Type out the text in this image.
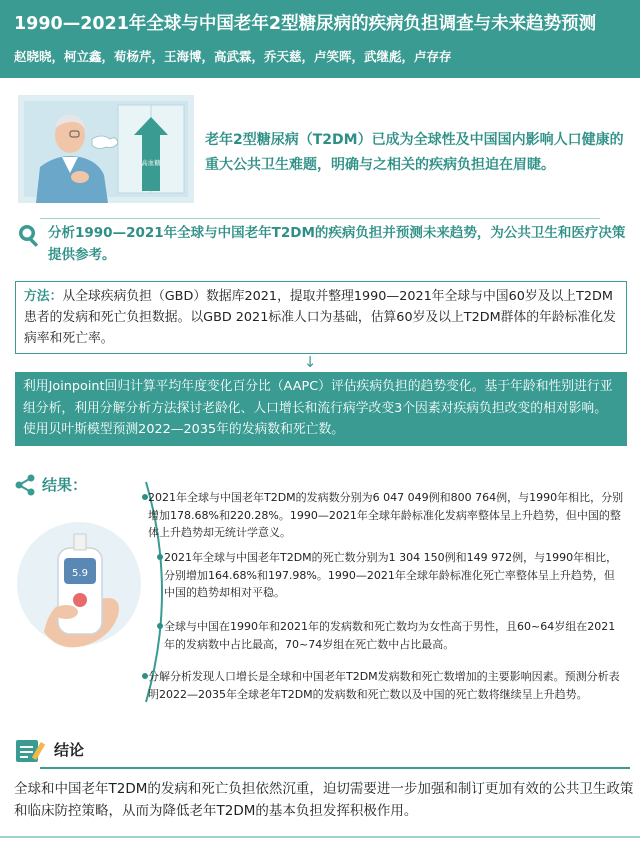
1990—2021年全球与中国老年2型糖尿病的疾病负担调查与未来趋势预测
赵晓晓，柯立鑫，荀杨芹，王海博，高武霖，乔天慈，卢笑晖，武继彪，卢存存
高血糖
老年2型糖尿病（T2DM）已成为全球性及中国国内影响人口健康的重大公共卫生难题，明确与之相关的疾病负担迫在眉睫。
分析1990—2021年全球与中国老年T2DM的疾病负担并预测未来趋势，为公共卫生和医疗决策提供参考。
方法：从全球疾病负担（GBD）数据库2021，提取并整理1990—2021年全球与中国60岁及以上T2DM患者的发病和死亡负担数据。以GBD 2021标准人口为基础，估算60岁及以上T2DM群体的年龄标准化发病率和死亡率。
↓
利用Joinpoint回归计算平均年度变化百分比（AAPC）评估疾病负担的趋势变化。基于年龄和性别进行亚组分析，利用分解分析方法探讨老龄化、人口增长和流行病学改变3个因素对疾病负担改变的相对影响。使用贝叶斯模型预测2022—2035年的发病数和死亡数。
结果：
5.9
2021年全球与中国老年T2DM的发病数分别为6 047 049例和800 764例，与1990年相比，分别增加178.68%和220.28%。1990—2021年全球年龄标准化发病率整体呈上升趋势，但中国的整体上升趋势却无统计学意义。
2021年全球与中国老年T2DM的死亡数分别为1 304 150例和149 972例，与1990年相比，分别增加164.68%和197.98%。1990—2021年全球年龄标准化死亡率整体呈上升趋势，但中国的趋势却相对平稳。
全球与中国在1990年和2021年的发病数和死亡数均为女性高于男性，且60~64岁组在2021年的发病数中占比最高，70~74岁组在死亡数中占比最高。
分解分析发现人口增长是全球和中国老年T2DM发病数和死亡数增加的主要影响因素。预测分析表明2022—2035年全球老年T2DM的发病数和死亡数以及中国的死亡数将继续呈上升趋势。
结论
全球和中国老年T2DM的发病和死亡负担依然沉重，迫切需要进一步加强和制订更加有效的公共卫生政策和临床防控策略，从而为降低老年T2DM的基本负担发挥积极作用。
